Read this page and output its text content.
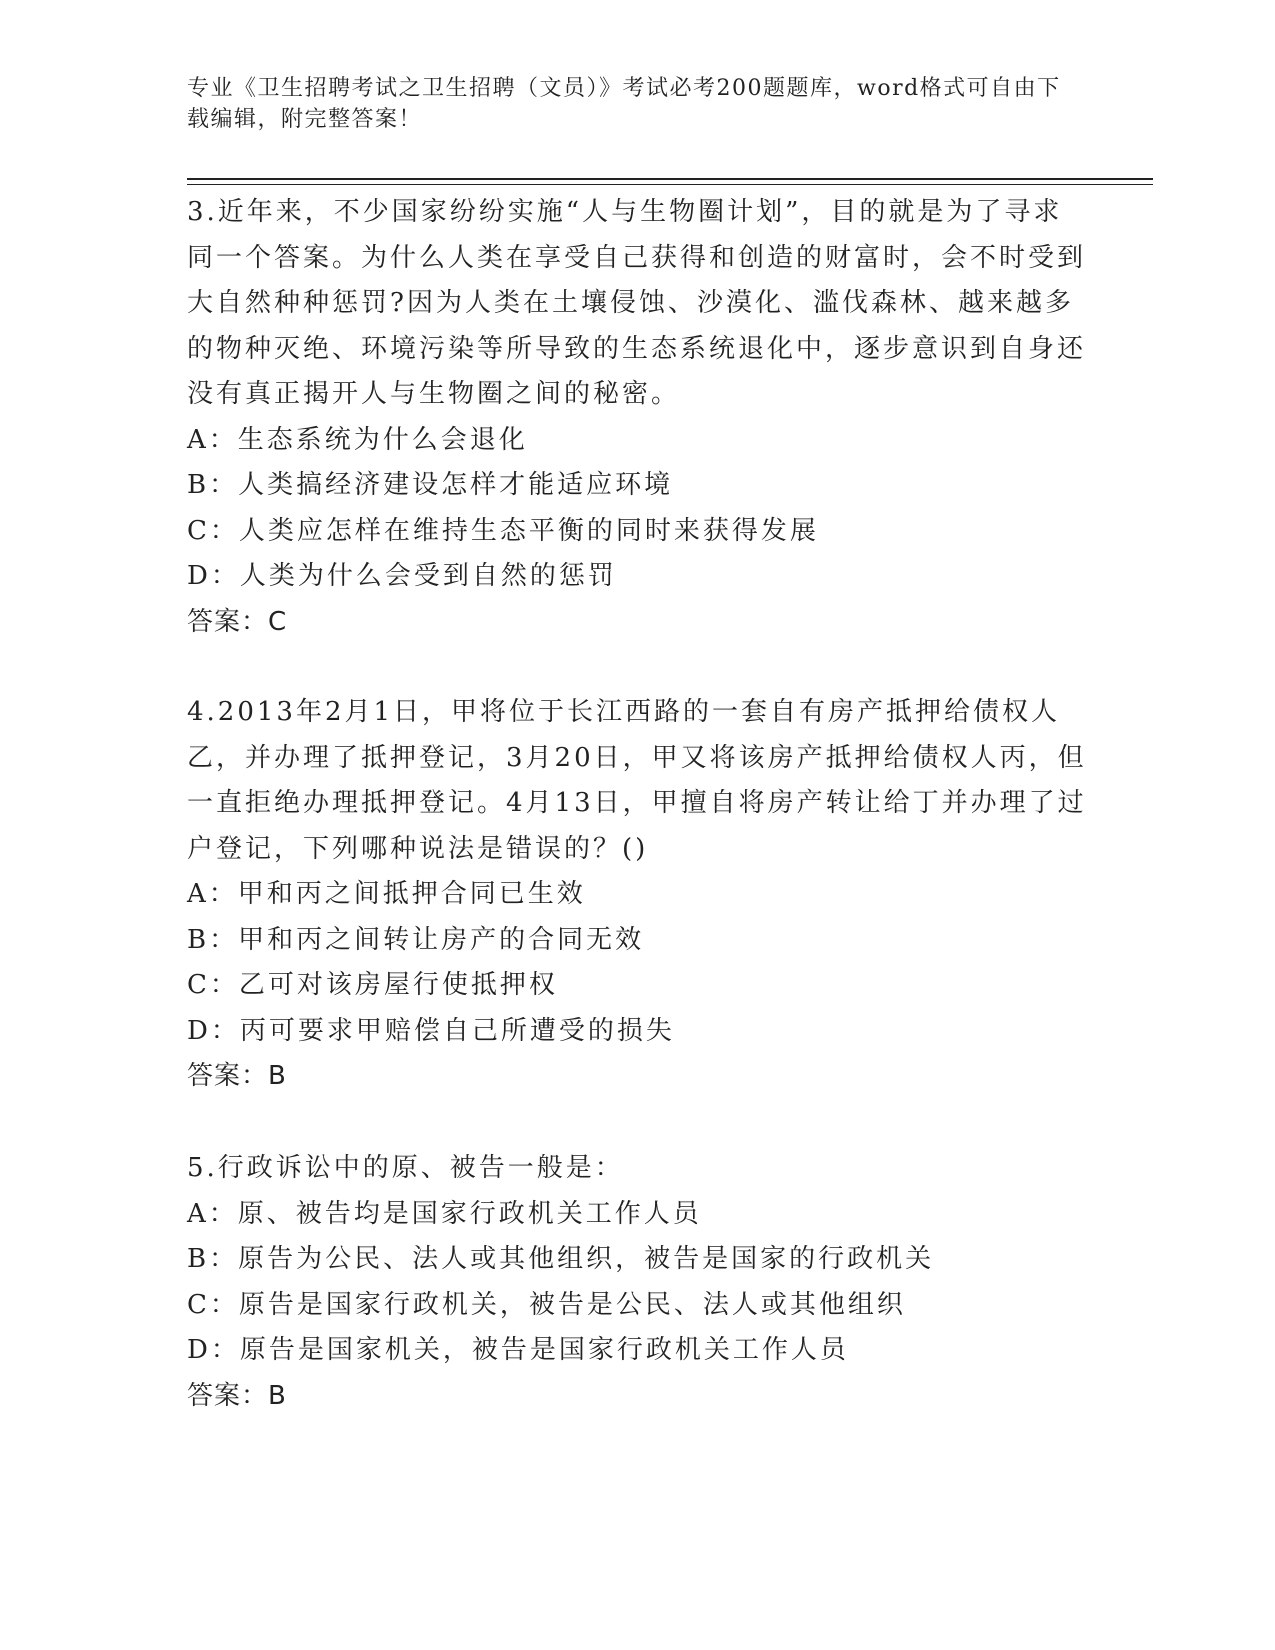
专业《卫生招聘考试之卫生招聘（文员）》考试必考200题题库，word格式可自由下载编辑，附完整答案！
3.近年来，不少国家纷纷实施“人与生物圈计划”，目的就是为了寻求同一个答案。为什么人类在享受自己获得和创造的财富时，会不时受到大自然种种惩罚?因为人类在土壤侵蚀、沙漠化、滥伐森林、越来越多的物种灭绝、环境污染等所导致的生态系统退化中，逐步意识到自身还没有真正揭开人与生物圈之间的秘密。
A：生态系统为什么会退化
B：人类搞经济建设怎样才能适应环境
C：人类应怎样在维持生态平衡的同时来获得发展
D：人类为什么会受到自然的惩罚
答案：C
4.2013年2月1日，甲将位于长江西路的一套自有房产抵押给债权人乙，并办理了抵押登记，3月20日，甲又将该房产抵押给债权人丙，但一直拒绝办理抵押登记。4月13日，甲擅自将房产转让给丁并办理了过户登记，下列哪种说法是错误的？()
A：甲和丙之间抵押合同已生效
B：甲和丙之间转让房产的合同无效
C：乙可对该房屋行使抵押权
D：丙可要求甲赔偿自己所遭受的损失
答案：B
5.行政诉讼中的原、被告一般是：
A：原、被告均是国家行政机关工作人员
B：原告为公民、法人或其他组织，被告是国家的行政机关
C：原告是国家行政机关，被告是公民、法人或其他组织
D：原告是国家机关，被告是国家行政机关工作人员
答案：B
